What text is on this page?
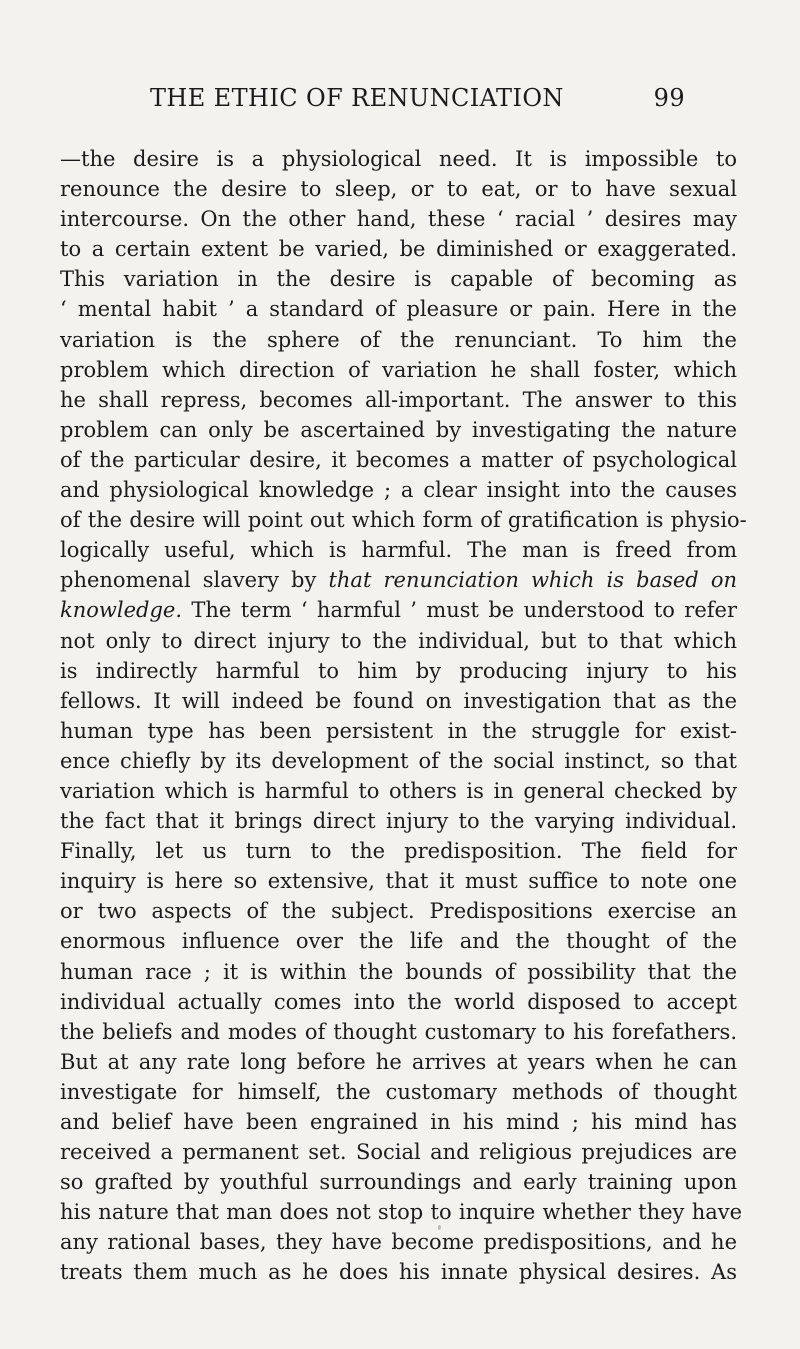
THE ETHIC OF RENUNCIATION	99
—the desire is a physiological need. It is impossible to
renounce the desire to sleep, or to eat, or to have sexual
intercourse. On the other hand, these ‘ racial ’ desires may
to a certain extent be varied, be diminished or exaggerated.
This variation in the desire is capable of becoming as
‘ mental habit ’ a standard of pleasure or pain. Here in the
variation is the sphere of the renunciant. To him the
problem which direction of variation he shall foster, which
he shall repress, becomes all-important. The answer to this
problem can only be ascertained by investigating the nature
of the particular desire, it becomes a matter of psychological
and physiological knowledge ; a clear insight into the causes
of the desire will point out which form of gratification is physio-
logically useful, which is harmful. The man is freed from
phenomenal slavery by that renunciation which is based on
knowledge. The term ‘ harmful ’ must be understood to refer
not only to direct injury to the individual, but to that which
is indirectly harmful to him by producing injury to his
fellows. It will indeed be found on investigation that as the
human type has been persistent in the struggle for exist-
ence chiefly by its development of the social instinct, so that
variation which is harmful to others is in general checked by
the fact that it brings direct injury to the varying individual.
Finally, let us turn to the predisposition. The field for
inquiry is here so extensive, that it must suffice to note one
or two aspects of the subject. Predispositions exercise an
enormous influence over the life and the thought of the
human race ; it is within the bounds of possibility that the
individual actually comes into the world disposed to accept
the beliefs and modes of thought customary to his forefathers.
But at any rate long before he arrives at years when he can
investigate for himself, the customary methods of thought
and belief have been engrained in his mind ; his mind has
received a permanent set. Social and religious prejudices are
so grafted by youthful surroundings and early training upon
his nature that man does not stop to inquire whether they have
any rational bases, they have become predispositions, and he
treats them much as he does his innate physical desires. As
